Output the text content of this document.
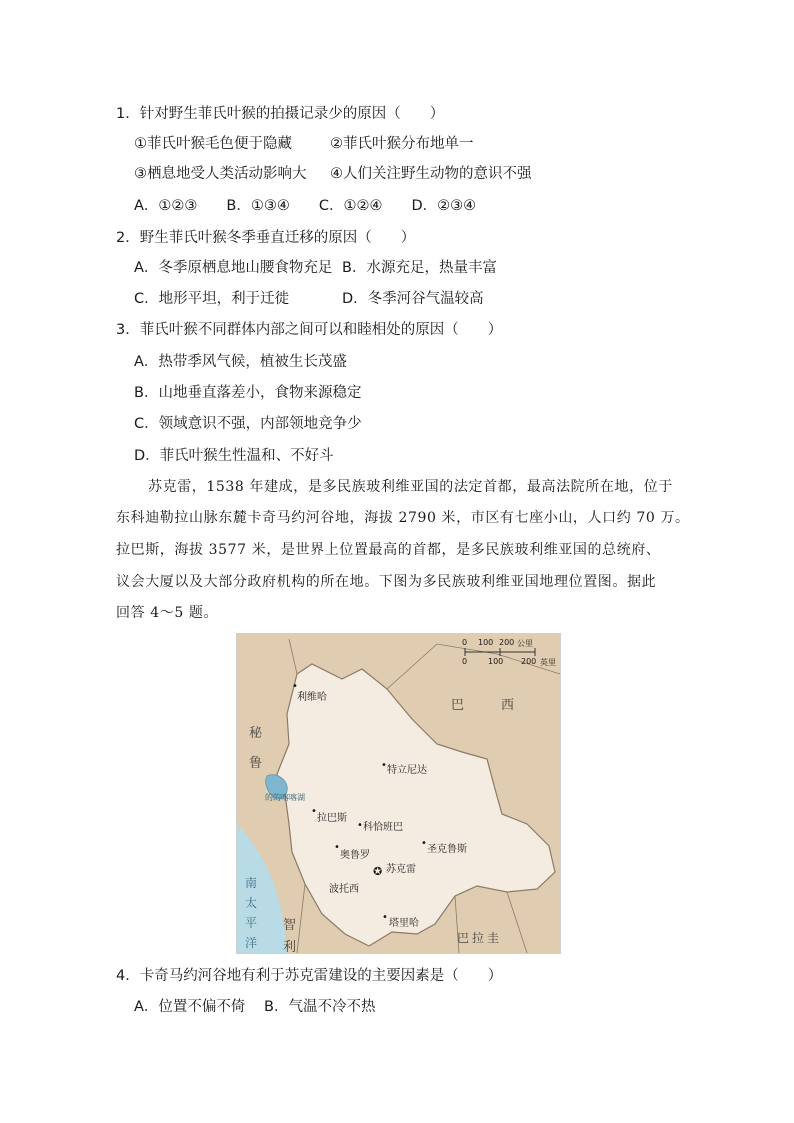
1．针对野生菲氏叶猴的拍摄记录少的原因（　　）
①菲氏叶猴毛色便于隐藏	②菲氏叶猴分布地单一
③栖息地受人类活动影响大 ④人们关注野生动物的意识不强
A．①②③　　B．①③④　　C．①②④　　D．②③④
2．野生菲氏叶猴冬季垂直迁移的原因（　　）
A．冬季原栖息地山腰食物充足 B．水源充足，热量丰富
C．地形平坦，利于迁徙	D．冬季河谷气温较高
3．菲氏叶猴不同群体内部之间可以和睦相处的原因（　　）
A．热带季风气候，植被生长茂盛
B．山地垂直落差小，食物来源稳定
C．领域意识不强，内部领地竞争少
D．菲氏叶猴生性温和、不好斗
苏克雷，1538 年建成，是多民族玻利维亚国的法定首都，最高法院所在地，位于
东科迪勒拉山脉东麓卡奇马约河谷地，海拔 2790 米，市区有七座小山，人口约 70 万。
拉巴斯，海拔 3577 米，是世界上位置最高的首都，是多民族玻利维亚国的总统府、
议会大厦以及大部分政府机构的所在地。下图为多民族玻利维亚国地理位置图。据此
回答 4～5 题。
0 100 200 公里
0	100 200 英里
巴 西
秘
鲁
南
太
平
洋
智
利
巴拉圭
•
利维哈
• 特立尼达
的的喀喀湖
•
拉巴斯
• 科恰班巴
•
圣克鲁斯
•
奥鲁罗
✪ 苏克雷
波托西
•
塔里哈
4．卡奇马约河谷地有利于苏克雷建设的主要因素是（　　）
A．位置不偏不倚 B．气温不冷不热
